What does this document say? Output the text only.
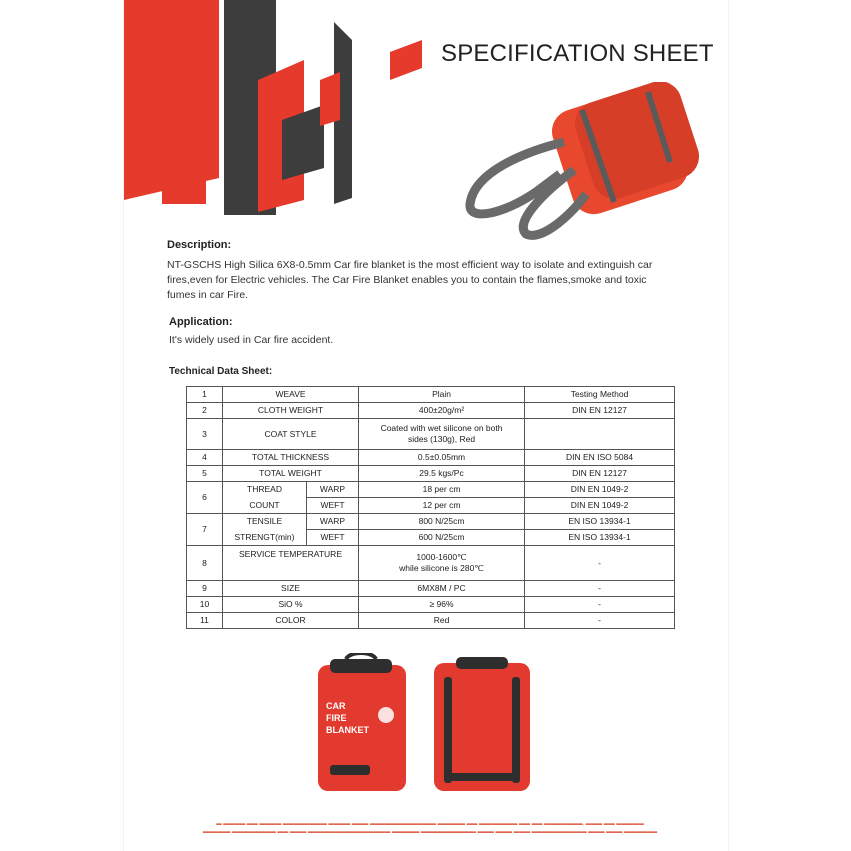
SPECIFICATION SHEET
Description:
NT-GSCHS High Silica 6X8-0.5mm Car fire blanket is the most efficient way to isolate and extinguish car
fires,even for Electric vehicles. The Car Fire Blanket enables you to contain the flames,smoke and toxic
fumes in car Fire.
Application:
It's widely used in Car fire accident.
Technical Data Sheet:
1	WEAVE		Plain	Testing Method
2	CLOTH WEIGHT		400±20g/m²	DIN EN 12127
3	COAT STYLE		Coated with wet silicone on both
sides (130g), Red	

4	TOTAL THICKNESS		0.5±0.05mm	DIN EN ISO 5084
5	TOTAL WEIGHT		29.5 kgs/Pc	DIN EN 12127
6	THREAD	WARP	18 per cm	DIN EN 1049-2
	COUNT	WEFT	12 per cm	DIN EN 1049-2
7	TENSILE	WARP	800 N/25cm	EN ISO 13934-1
	STRENGT(min)	WEFT	600 N/25cm	EN ISO 13934-1
8	SERVICE TEMPERATURE		1000-1600℃
while silicone is 280℃	-
9	SIZE		6MX8M / PC	-
10	SiO %		≥ 96%	-
11	COLOR		Red	-
CAR
FIRE
BLANKET
▬ ▬▬▬▬ ▬▬ ▬▬▬▬ ▬▬▬▬▬▬▬▬ ▬▬▬▬ ▬▬▬ ▬▬▬▬▬▬▬▬▬▬▬▬ ▬▬▬▬▬ ▬▬ ▬▬▬▬▬▬▬ ▬▬ ▬▬ ▬▬▬▬▬▬▬, ▬▬▬ ▬▬ ▬▬▬▬▬
▬▬▬▬▬ ▬▬▬▬▬▬▬▬ ▬▬ ▬▬▬ ▬▬▬▬▬▬▬▬▬▬▬▬▬▬▬ ▬▬▬▬▬ ▬▬▬▬▬▬▬▬▬▬ ▬▬▬ ▬▬▬ ▬▬▬ ▬▬▬▬▬▬▬▬▬▬ ▬▬▬ ▬▬▬ ▬▬▬▬▬▬
